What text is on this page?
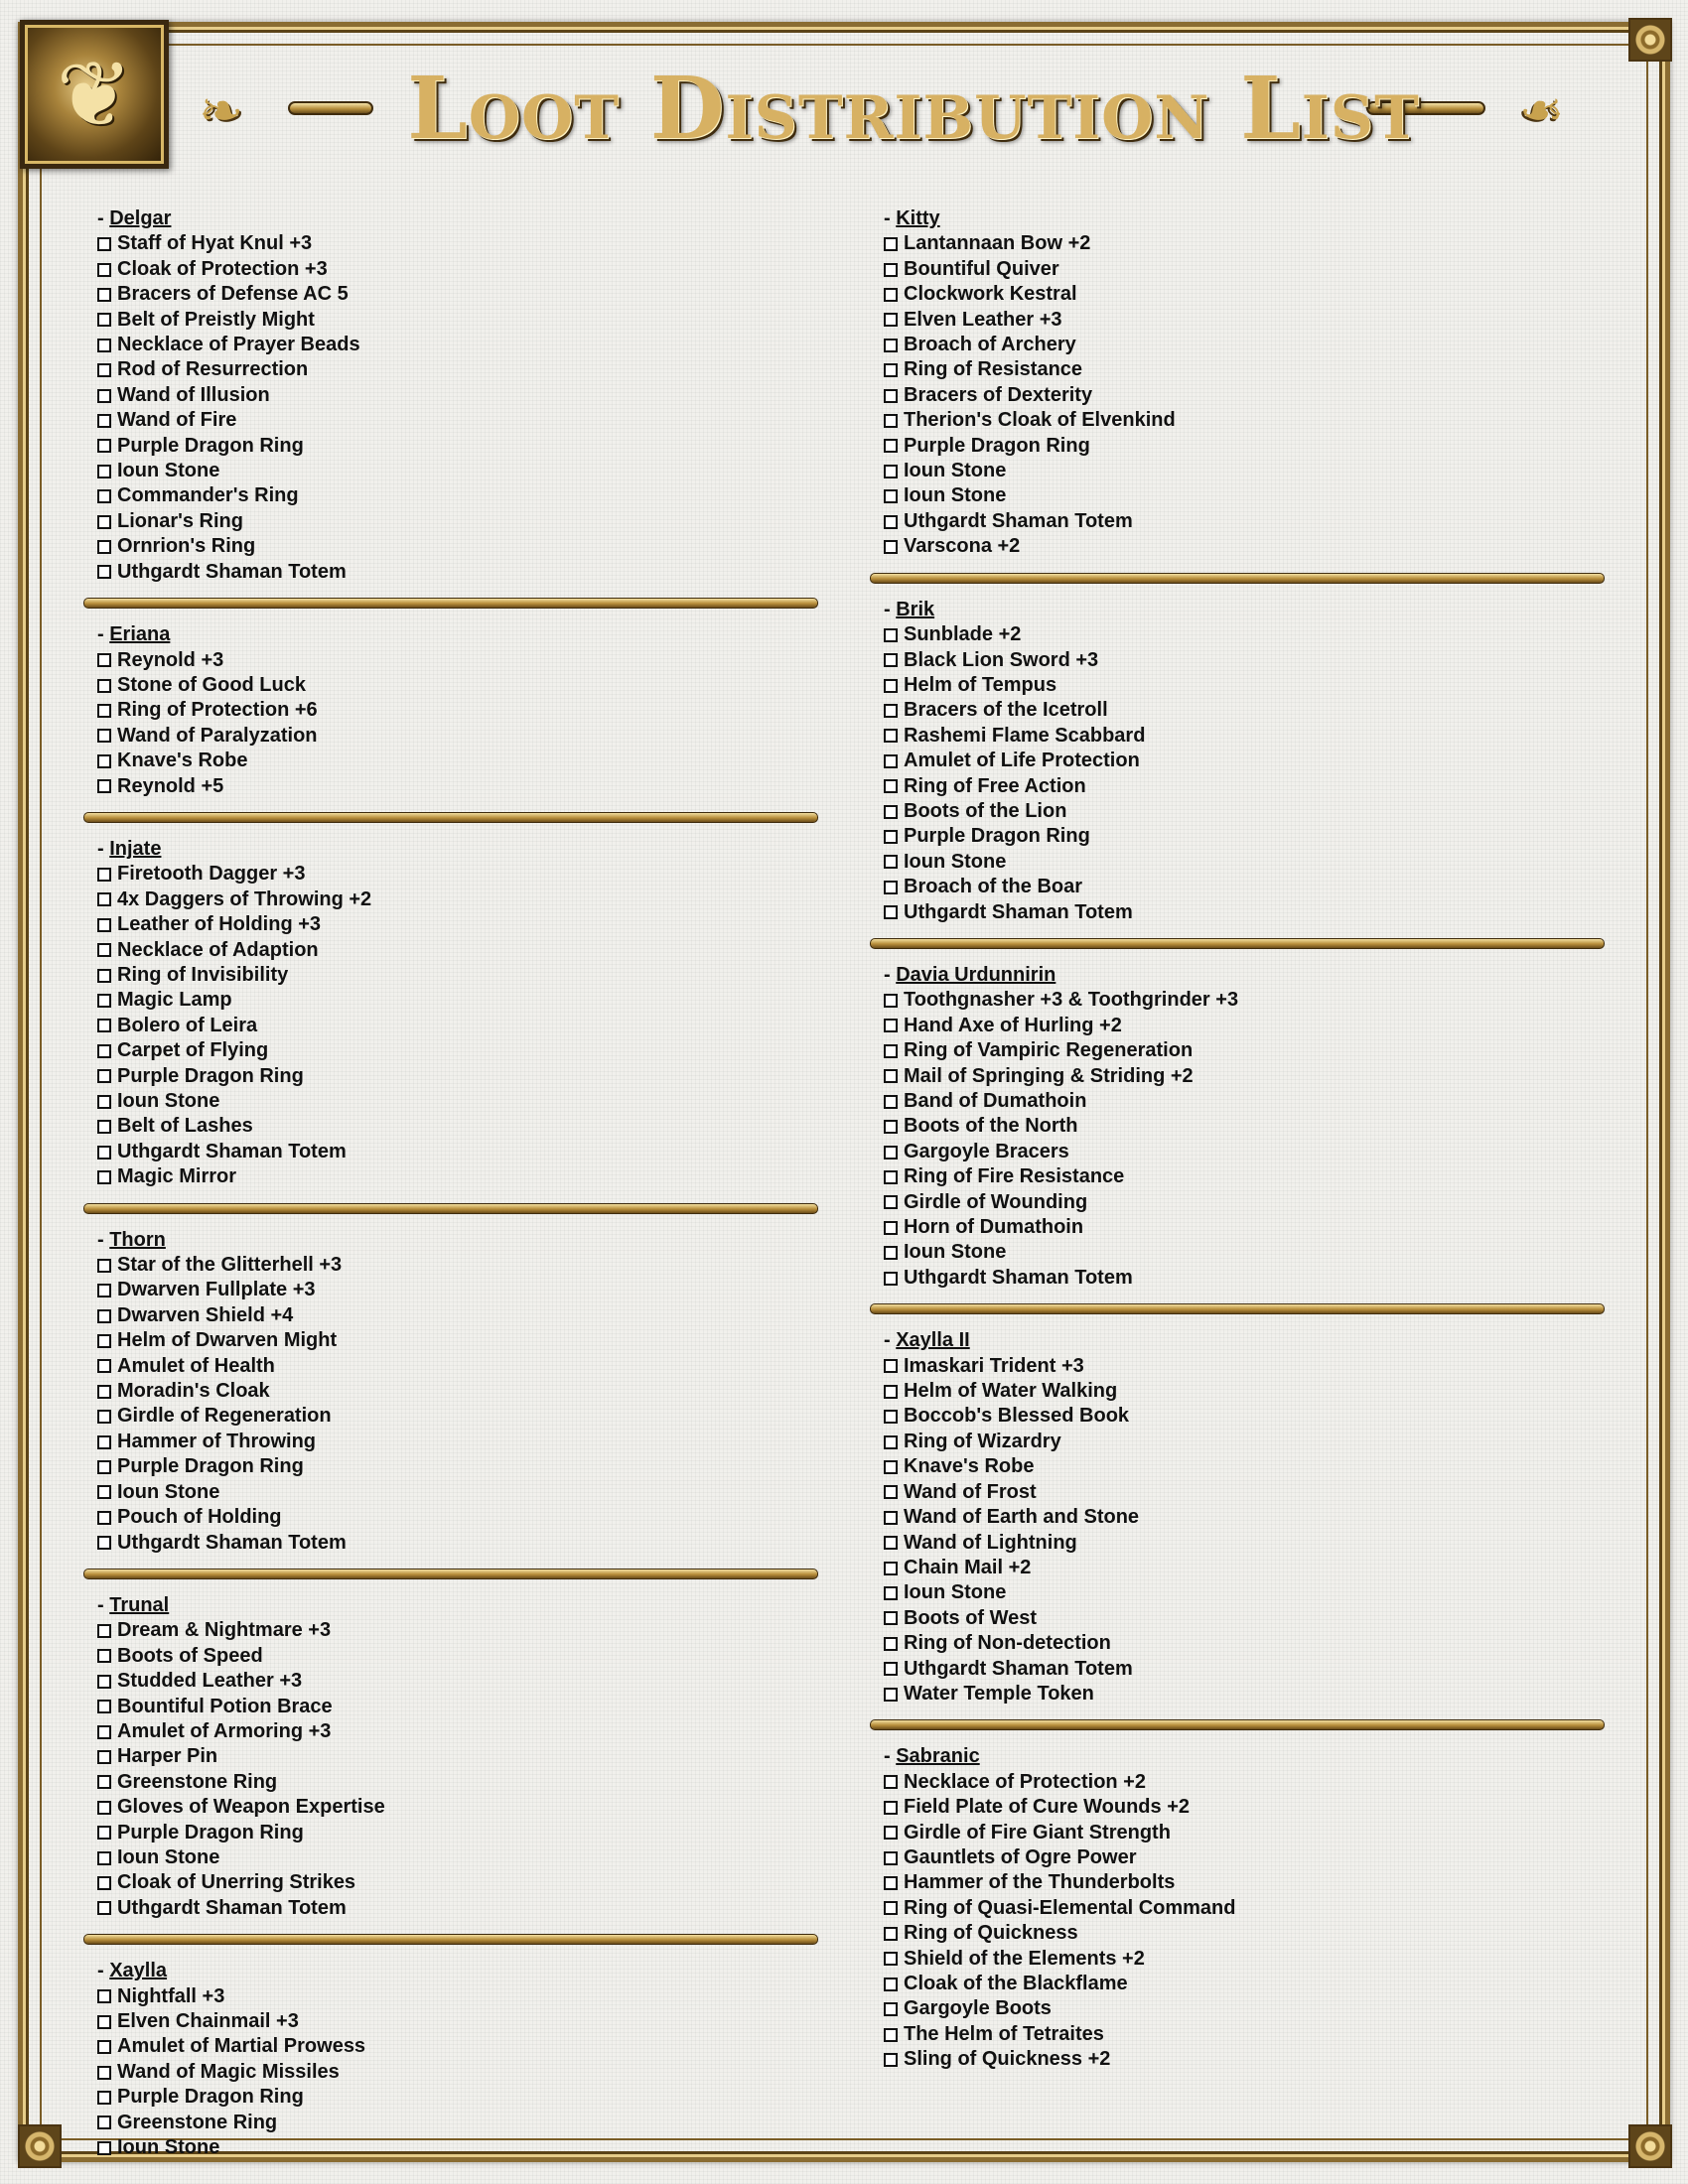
❦	❧	❧
Loot Distribution List
- Delgar
Staff of Hyat Knul +3
Cloak of Protection +3
Bracers of Defense AC 5
Belt of Preistly Might
Necklace of Prayer Beads
Rod of Resurrection
Wand of Illusion
Wand of Fire
Purple Dragon Ring
Ioun Stone
Commander's Ring
Lionar's Ring
Ornrion's Ring
Uthgardt Shaman Totem
- Eriana
Reynold +3
Stone of Good Luck
Ring of Protection +6
Wand of Paralyzation
Knave's Robe
Reynold +5
- Injate
Firetooth Dagger +3
4x Daggers of Throwing +2
Leather of Holding +3
Necklace of Adaption
Ring of Invisibility
Magic Lamp
Bolero of Leira
Carpet of Flying
Purple Dragon Ring
Ioun Stone
Belt of Lashes
Uthgardt Shaman Totem
Magic Mirror
- Thorn
Star of the Glitterhell +3
Dwarven Fullplate +3
Dwarven Shield +4
Helm of Dwarven Might
Amulet of Health
Moradin's Cloak
Girdle of Regeneration
Hammer of Throwing
Purple Dragon Ring
Ioun Stone
Pouch of Holding
Uthgardt Shaman Totem
- Trunal
Dream & Nightmare +3
Boots of Speed
Studded Leather +3
Bountiful Potion Brace
Amulet of Armoring +3
Harper Pin
Greenstone Ring
Gloves of Weapon Expertise
Purple Dragon Ring
Ioun Stone
Cloak of Unerring Strikes
Uthgardt Shaman Totem
- Xaylla
Nightfall +3
Elven Chainmail +3
Amulet of Martial Prowess
Wand of Magic Missiles
Purple Dragon Ring
Greenstone Ring
Ioun Stone
- Kitty
Lantannaan Bow +2
Bountiful Quiver
Clockwork Kestral
Elven Leather +3
Broach of Archery
Ring of Resistance
Bracers of Dexterity
Therion's Cloak of Elvenkind
Purple Dragon Ring
Ioun Stone
Ioun Stone
Uthgardt Shaman Totem
Varscona +2
- Brik
Sunblade +2
Black Lion Sword +3
Helm of Tempus
Bracers of the Icetroll
Rashemi Flame Scabbard
Amulet of Life Protection
Ring of Free Action
Boots of the Lion
Purple Dragon Ring
Ioun Stone
Broach of the Boar
Uthgardt Shaman Totem
- Davia Urdunnirin
Toothgnasher +3 & Toothgrinder +3
Hand Axe of Hurling +2
Ring of Vampiric Regeneration
Mail of Springing & Striding +2
Band of Dumathoin
Boots of the North
Gargoyle Bracers
Ring of Fire Resistance
Girdle of Wounding
Horn of Dumathoin
Ioun Stone
Uthgardt Shaman Totem
- Xaylla II
Imaskari Trident +3
Helm of Water Walking
Boccob's Blessed Book
Ring of Wizardry
Knave's Robe
Wand of Frost
Wand of Earth and Stone
Wand of Lightning
Chain Mail +2
Ioun Stone
Boots of West
Ring of Non-detection
Uthgardt Shaman Totem
Water Temple Token
- Sabranic
Necklace of Protection +2
Field Plate of Cure Wounds +2
Girdle of Fire Giant Strength
Gauntlets of Ogre Power
Hammer of the Thunderbolts
Ring of Quasi-Elemental Command
Ring of Quickness
Shield of the Elements +2
Cloak of the Blackflame
Gargoyle Boots
The Helm of Tetraites
Sling of Quickness +2
